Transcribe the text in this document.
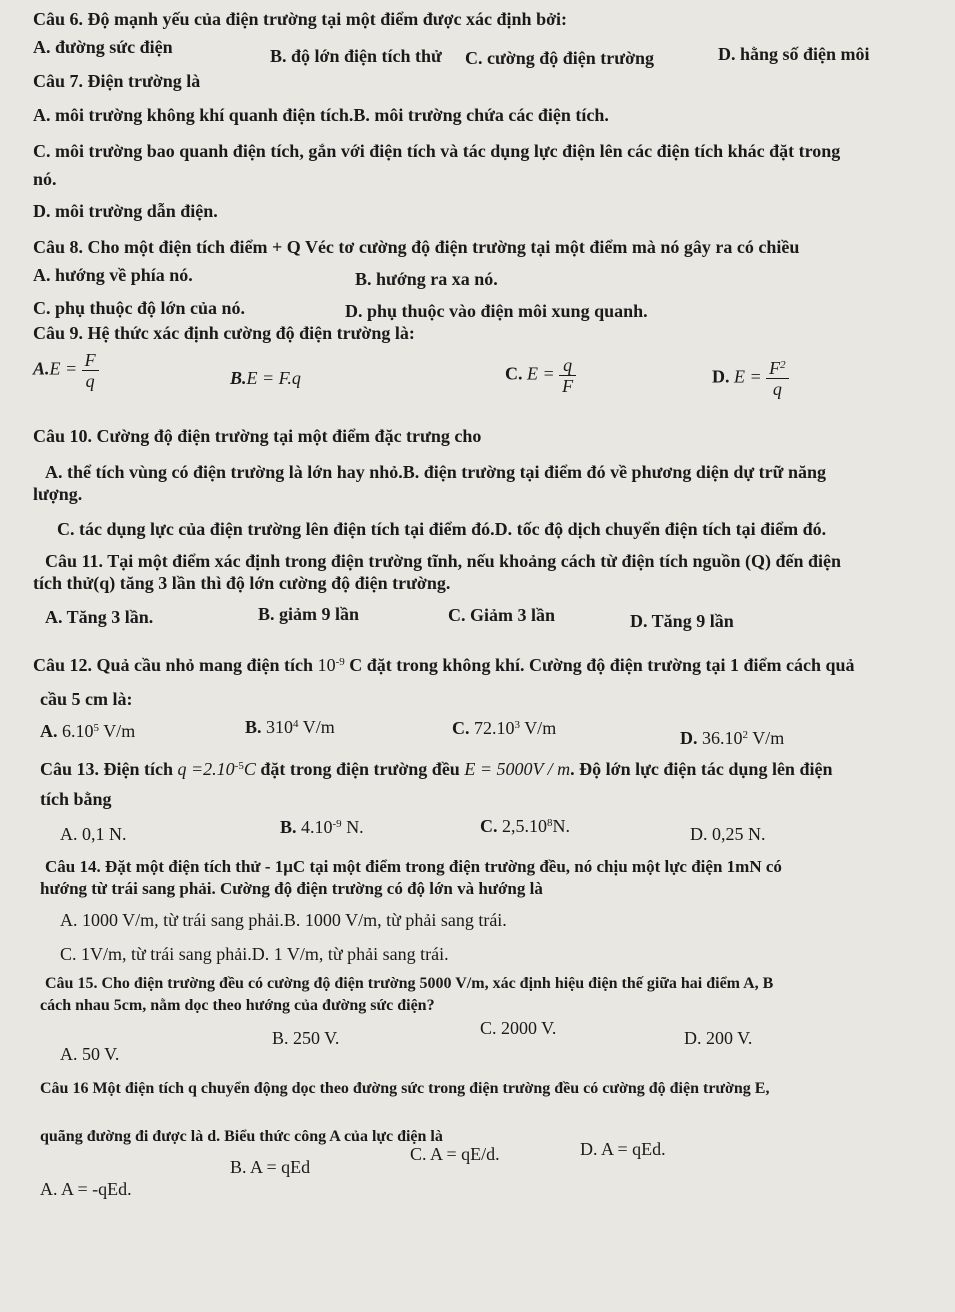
Câu 6. Độ mạnh yếu của điện trường tại một điểm được xác định bởi:
A. đường sức điện	B. độ lớn điện tích thử C. cường độ điện trường	D. hằng số điện môi
Câu 7. Điện trường là
A. môi trường không khí quanh điện tích.B. môi trường chứa các điện tích.
C. môi trường bao quanh điện tích, gắn với điện tích và tác dụng lực điện lên các điện tích khác đặt trong
nó.
D. môi trường dẫn điện.
Câu 8. Cho một điện tích điểm + Q Véc tơ cường độ điện trường tại một điểm mà nó gây ra có chiều
A. hướng về phía nó.	B. hướng ra xa nó.
C. phụ thuộc độ lớn của nó.	D. phụ thuộc vào điện môi xung quanh.
Câu 9. Hệ thức xác định cường độ điện trường là:
$A.E = \frac{F}{q}$	B.E = F.q	C. $E = \frac{q}{F}$	D. $E = \frac{F^2}{q}$
Câu 10. Cường độ điện trường tại một điểm đặc trưng cho
A. thể tích vùng có điện trường là lớn hay nhỏ.B. điện trường tại điểm đó về phương diện dự trữ năng
lượng.
C. tác dụng lực của điện trường lên điện tích tại điểm đó.D. tốc độ dịch chuyển điện tích tại điểm đó.
Câu 11. Tại một điểm xác định trong điện trường tĩnh, nếu khoảng cách từ điện tích nguồn (Q) đến điện
tích thử(q) tăng 3 lần thì độ lớn cường độ điện trường.
A. Tăng 3 lần.	B. giảm 9 lần	C. Giảm 3 lần	D. Tăng 9 lần
Câu 12. Quả cầu nhỏ mang điện tích $10^{-9}$ C đặt trong không khí. Cường độ điện trường tại 1 điểm cách quả
cầu 5 cm là:
A. 6.10$^5$ V/m	B. $310^4$ V/m	C. 72.10$^3$ V/m	D. 36.10$^2$ V/m
Câu 13. Điện tích $q =2.10^{-5}C$ đặt trong điện trường đều E = 5000V / m. Độ lớn lực điện tác dụng lên điện
tích bằng
A. 0,1 N.	B. $4.10^{-9}$ N.	C. 2,5.10$^8$N.	D. 0,25 N.
Câu 14. Đặt một điện tích thử - 1μC tại một điểm trong điện trường đều, nó chịu một lực điện 1mN có
hướng từ trái sang phải. Cường độ điện trường có độ lớn và hướng là
A. 1000 V/m, từ trái sang phải.B. 1000 V/m, từ phải sang trái.
C. 1V/m, từ trái sang phải.D. 1 V/m, từ phải sang trái.
Câu 15. Cho điện trường đều có cường độ điện trường 5000 V/m, xác định hiệu điện thế giữa hai điểm A, B
cách nhau 5cm, nằm dọc theo hướng của đường sức điện?
A. 50 V.
B. 250 V.	C. 2000 V.	D. 200 V.
Câu 16 Một điện tích q chuyển động dọc theo đường sức trong điện trường đều có cường độ điện trường E,
quãng đường đi được là d. Biểu thức công A của lực điện là
A. A = -qEd.
B. A = qEd
C. A = qE/d.	D. A = qEd.
